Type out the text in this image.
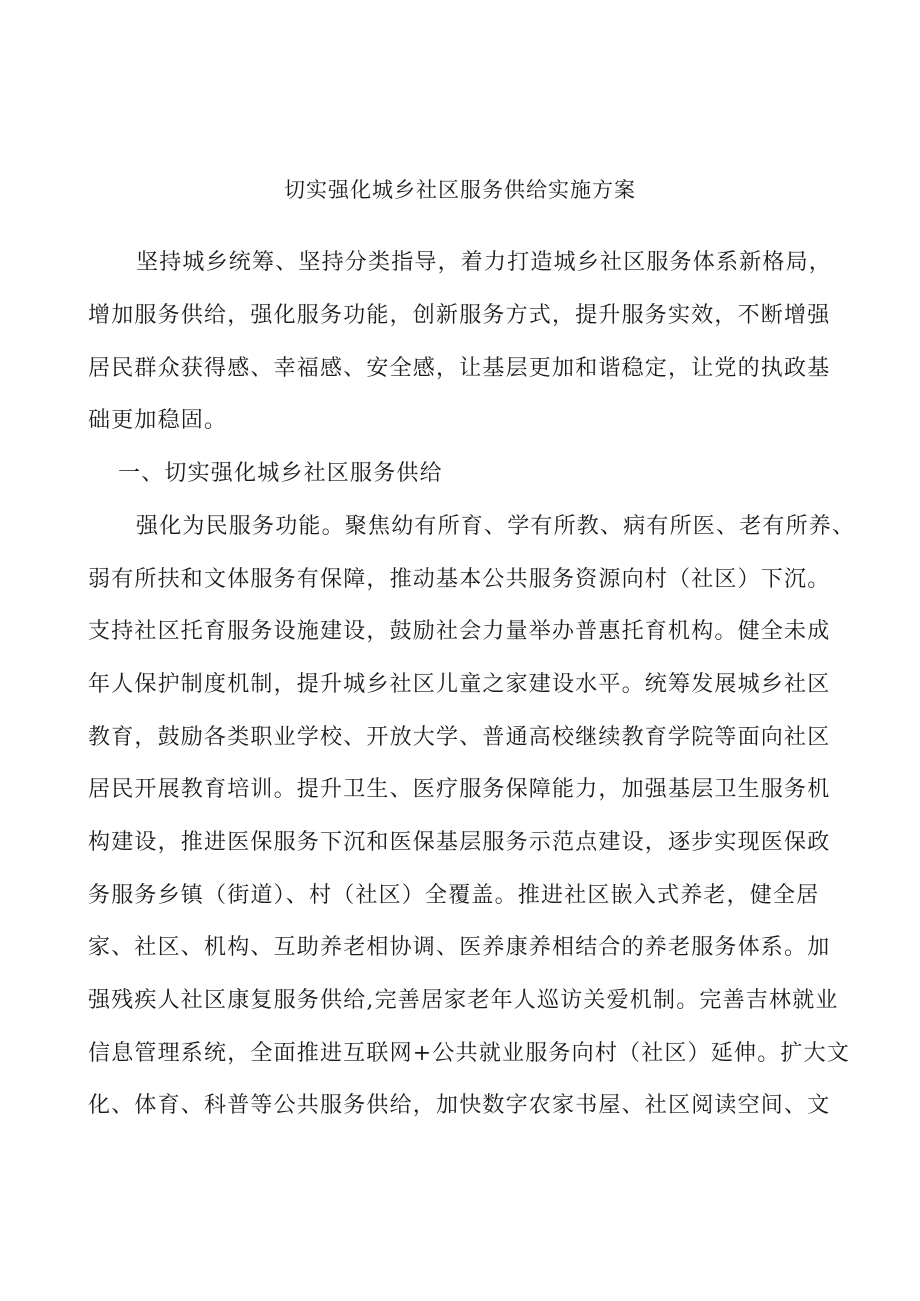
切实强化城乡社区服务供给实施方案
坚持城乡统筹、坚持分类指导，着力打造城乡社区服务体系新格局，
增加服务供给，强化服务功能，创新服务方式，提升服务实效，不断增强
居民群众获得感、幸福感、安全感，让基层更加和谐稳定，让党的执政基
础更加稳固。
一、切实强化城乡社区服务供给
强化为民服务功能。聚焦幼有所育、学有所教、病有所医、老有所养、
弱有所扶和文体服务有保障，推动基本公共服务资源向村（社区）下沉。
支持社区托育服务设施建设，鼓励社会力量举办普惠托育机构。健全未成
年人保护制度机制，提升城乡社区儿童之家建设水平。统筹发展城乡社区
教育，鼓励各类职业学校、开放大学、普通高校继续教育学院等面向社区
居民开展教育培训。提升卫生、医疗服务保障能力，加强基层卫生服务机
构建设，推进医保服务下沉和医保基层服务示范点建设，逐步实现医保政
务服务乡镇（街道）、村（社区）全覆盖。推进社区嵌入式养老，健全居
家、社区、机构、互助养老相协调、医养康养相结合的养老服务体系。加
强残疾人社区康复服务供给,完善居家老年人巡访关爱机制。完善吉林就业
信息管理系统，全面推进互联网+公共就业服务向村（社区）延伸。扩大文
化、体育、科普等公共服务供给，加快数字农家书屋、社区阅读空间、文
